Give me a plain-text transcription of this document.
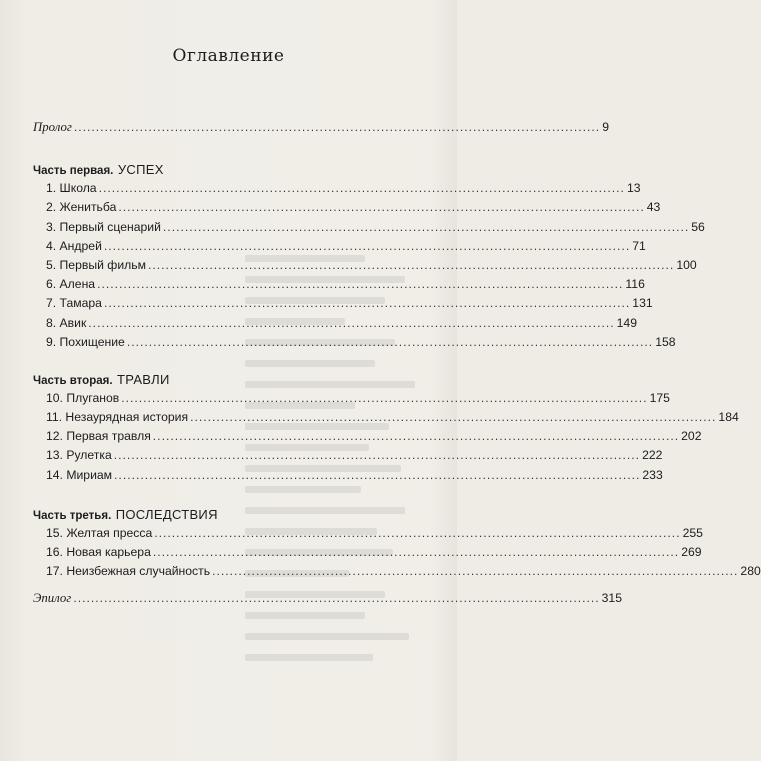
Оглавление
Пролог ........................................................................................................................ 9
Часть первая. УСПЕХ
1. Школа ........................................................................................................................ 13
2. Женитьба ........................................................................................................................ 43
3. Первый сценарий ........................................................................................................................ 56
4. Андрей ........................................................................................................................ 71
5. Первый фильм ........................................................................................................................ 100
6. Алена ........................................................................................................................ 116
7. Тамара ........................................................................................................................ 131
8. Авик ........................................................................................................................ 149
9. Похищение ........................................................................................................................ 158
Часть вторая. ТРАВЛИ
10. Плуганов ........................................................................................................................ 175
11. Незаурядная история ........................................................................................................................ 184
12. Первая травля ........................................................................................................................ 202
13. Рулетка ........................................................................................................................ 222
14. Мириам ........................................................................................................................ 233
Часть третья. ПОСЛЕДСТВИЯ
15. Желтая пресса ........................................................................................................................ 255
16. Новая карьера ........................................................................................................................ 269
17. Неизбежная случайность ........................................................................................................................ 280
Эпилог ........................................................................................................................ 315
